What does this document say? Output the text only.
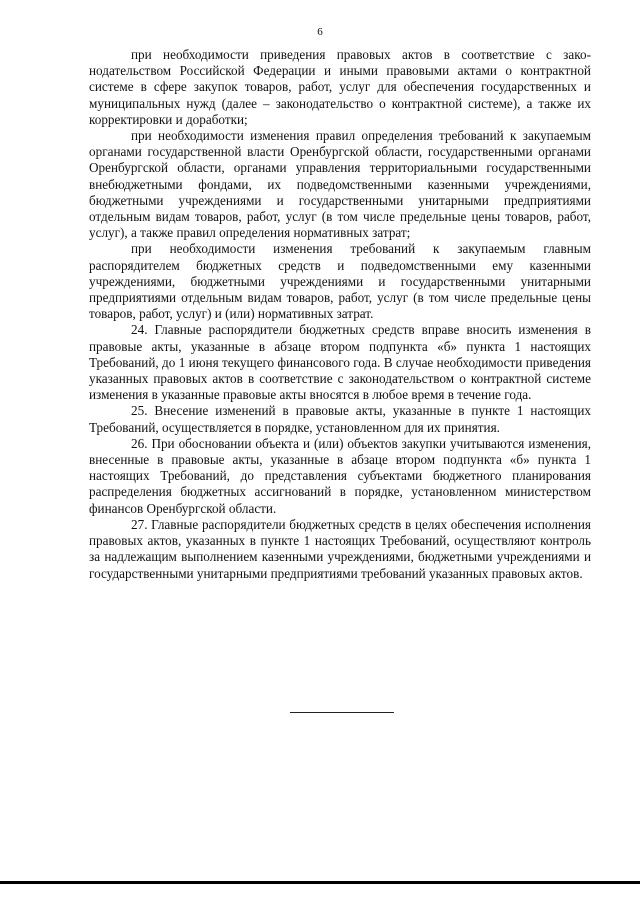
6

при необходимости приведения правовых актов в соответствие с законодательством Российской Федерации и иными правовыми актами о контрактной системе в сфере закупок товаров, работ, услуг для обеспечения государственных и муниципальных нужд (далее – законодательство о контрактной системе), а также их корректировки и доработки;

при необходимости изменения правил определения требований к закупаемым органами государственной власти Оренбургской области, государственными органами Оренбургской области, органами управления территориальными государственными внебюджетными фондами, их подведомственными казенными учреждениями, бюджетными учреждениями и государственными унитарными предприятиями отдельным видам товаров, работ, услуг (в том числе предельные цены товаров, работ, услуг), а также правил определения нормативных затрат;

при необходимости изменения требований к закупаемым главным распорядителем бюджетных средств и подведомственными ему казенными учреждениями, бюджетными учреждениями и государственными унитарными предприятиями отдельным видам товаров, работ, услуг (в том числе предельные цены товаров, работ, услуг) и (или) нормативных затрат.

24. Главные распорядители бюджетных средств вправе вносить изменения в правовые акты, указанные в абзаце втором подпункта «б» пункта 1 настоящих Требований, до 1 июня текущего финансового года. В случае необходимости приведения указанных правовых актов в соответствие с законодательством о контрактной системе изменения в указанные правовые акты вносятся в любое время в течение года.

25. Внесение изменений в правовые акты, указанные в пункте 1 настоящих Требований, осуществляется в порядке, установленном для их принятия.

26. При обосновании объекта и (или) объектов закупки учитываются изменения, внесенные в правовые акты, указанные в абзаце втором подпункта «б» пункта 1 настоящих Требований, до представления субъектами бюджетного планирования распределения бюджетных ассигнований в порядке, установленном министерством финансов Оренбургской области.

27. Главные распорядители бюджетных средств в целях обеспечения исполнения правовых актов, указанных в пункте 1 настоящих Требований, осуществляют контроль за надлежащим выполнением казенными учреждениями, бюджетными учреждениями и государственными унитарными предприятиями требований указанных правовых актов.
